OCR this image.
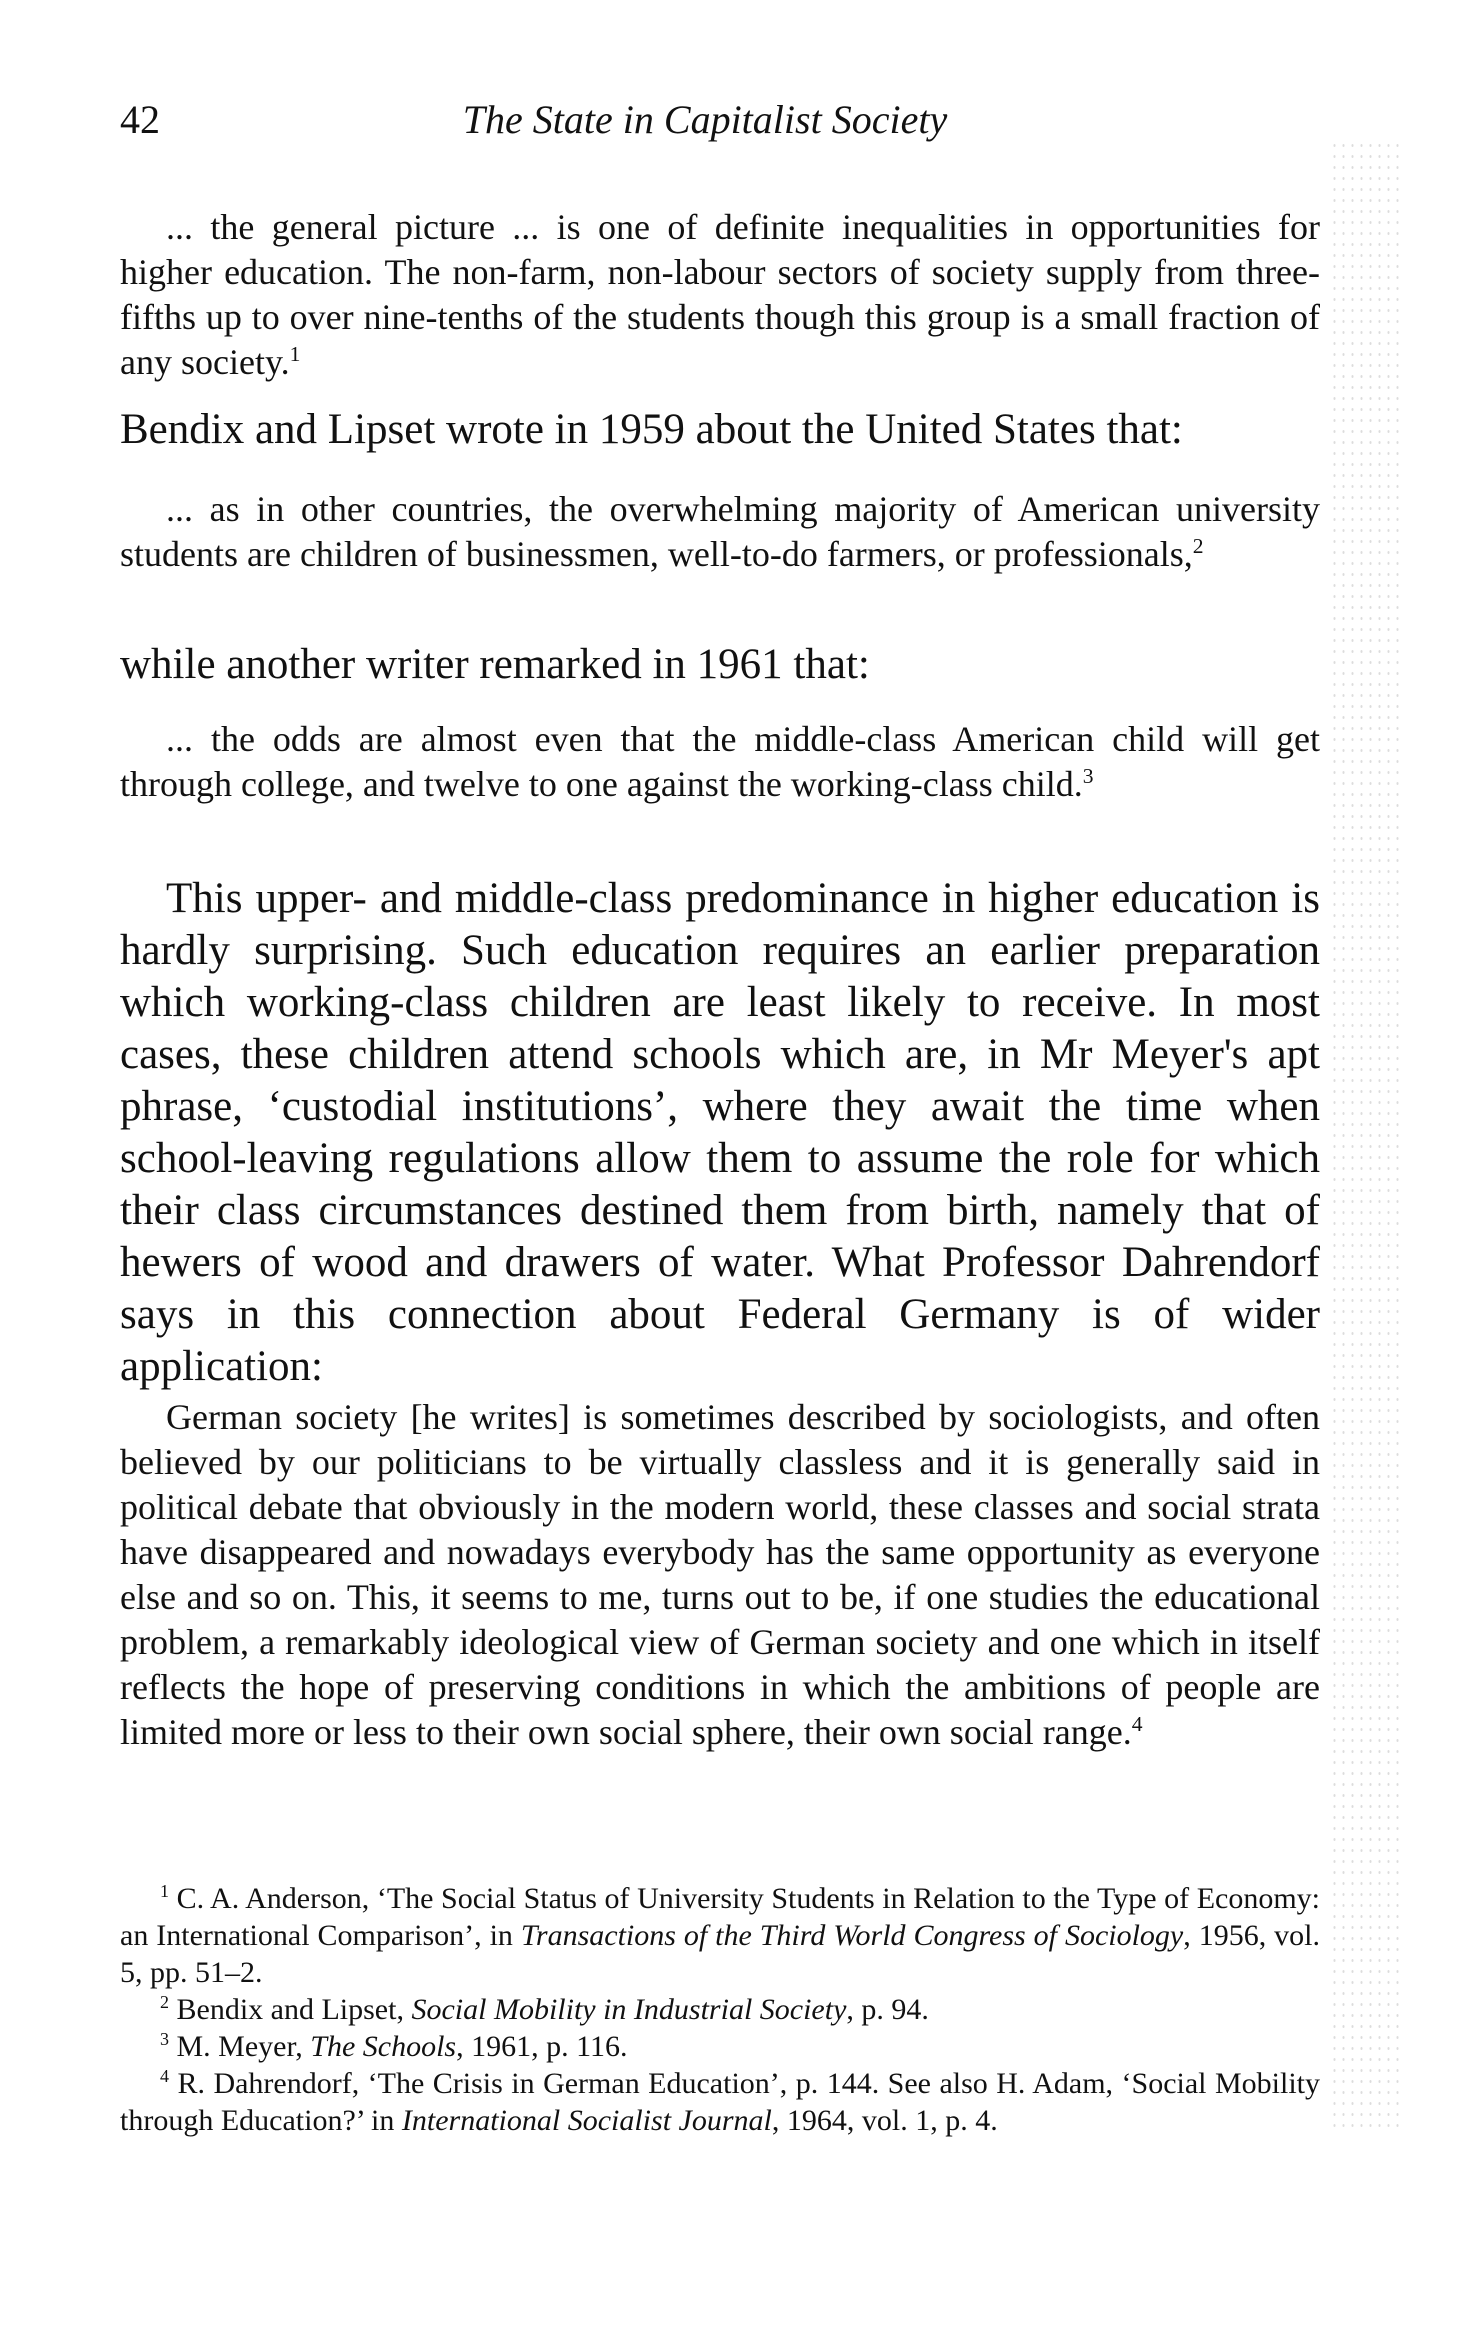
42	The State in Capitalist Society

... the general picture ... is one of definite inequalities in opportunities for higher education. The non-farm, non-labour sectors of society supply from three-fifths up to over nine-tenths of the students though this group is a small fraction of any society.$^1$

Bendix and Lipset wrote in 1959 about the United States that:

... as in other countries, the overwhelming majority of American university students are children of businessmen, well-to-do farmers, or professionals,$^2$

while another writer remarked in 1961 that:

... the odds are almost even that the middle-class American child will get through college, and twelve to one against the working-class child.$^3$

This upper- and middle-class predominance in higher education is hardly surprising. Such education requires an earlier preparation which working-class children are least likely to receive. In most cases, these children attend schools which are, in Mr Meyer's apt phrase, ‘custodial institutions’, where they await the time when school-leaving regulations allow them to assume the role for which their class circumstances destined them from birth, namely that of hewers of wood and drawers of water. What Professor Dahrendorf says in this connection about Federal Germany is of wider application:

German society [he writes] is sometimes described by sociologists, and often believed by our politicians to be virtually classless and it is generally said in political debate that obviously in the modern world, these classes and social strata have disappeared and nowadays everybody has the same opportunity as everyone else and so on. This, it seems to me, turns out to be, if one studies the educational problem, a remarkably ideological view of German society and one which in itself reflects the hope of preserving conditions in which the ambitions of people are limited more or less to their own social sphere, their own social range.$^4$

$^1$ C. A. Anderson, ‘The Social Status of University Students in Relation to the Type of Economy: an International Comparison’, in Transactions of the Third World Congress of Sociology, 1956, vol. 5, pp. 51–2.

$^2$ Bendix and Lipset, Social Mobility in Industrial Society, p. 94.

$^3$ M. Meyer, The Schools, 1961, p. 116.

$^4$ R. Dahrendorf, ‘The Crisis in German Education’, p. 144. See also H. Adam, ‘Social Mobility through Education?’ in International Socialist Journal, 1964, vol. 1, p. 4.
